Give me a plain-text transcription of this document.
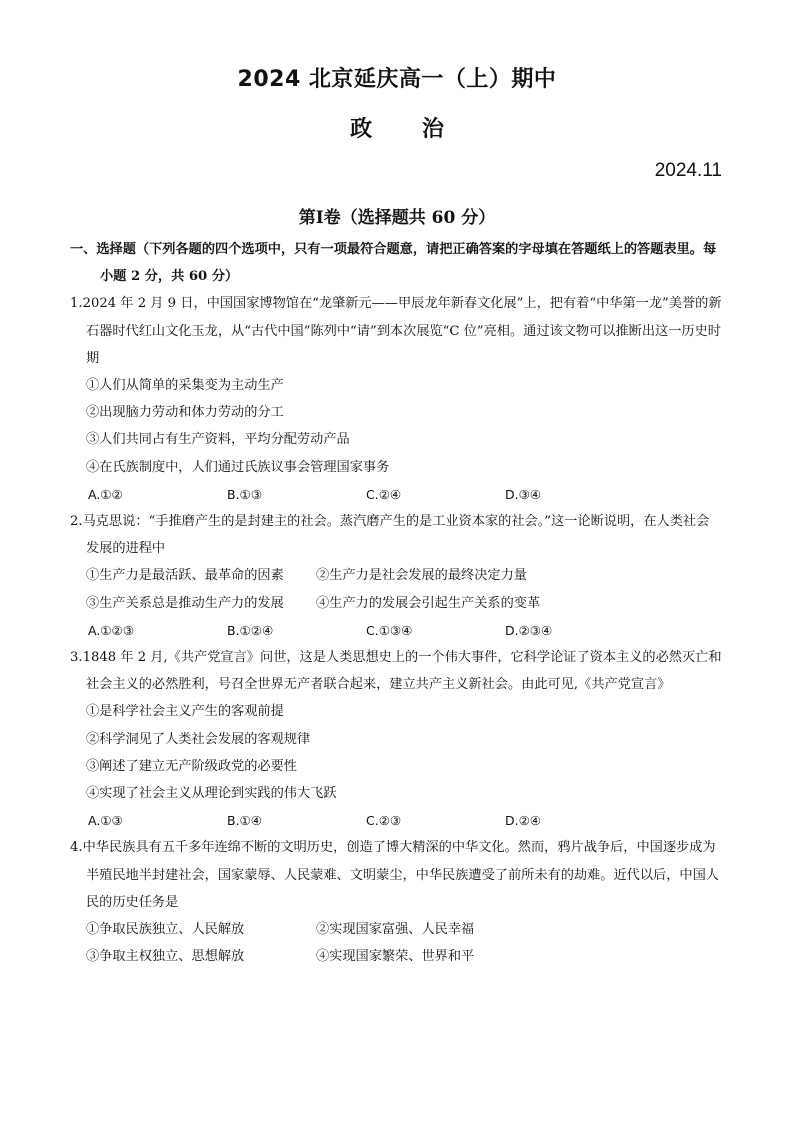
2024 北京延庆高一（上）期中
政 治
2024.11
第Ⅰ卷（选择题共 60 分）
一、选择题（下列各题的四个选项中，只有一项最符合题意，请把正确答案的字母填在答题纸上的答题表里。每小题 2 分，共 60 分）
1.2024 年 2 月 9 日，中国国家博物馆在“龙肇新元——甲辰龙年新春文化展”上，把有着“中华第一龙”美誉的新石器时代红山文化玉龙，从“古代中国”陈列中“请”到本次展览“C 位”亮相。通过该文物可以推断出这一历史时期
①人们从简单的采集变为主动生产
②出现脑力劳动和体力劳动的分工
③人们共同占有生产资料，平均分配劳动产品
④在氏族制度中，人们通过氏族议事会管理国家事务
A.①②	B.①③	C.②④	D.③④
2.马克思说：“手推磨产生的是封建主的社会。蒸汽磨产生的是工业资本家的社会。”这一论断说明，在人类社会发展的进程中
①生产力是最活跃、最革命的因素	②生产力是社会发展的最终决定力量
③生产关系总是推动生产力的发展	④生产力的发展会引起生产关系的变革
A.①②③	B.①②④	C.①③④	D.②③④
3.1848 年 2 月,《共产党宣言》问世，这是人类思想史上的一个伟大事件，它科学论证了资本主义的必然灭亡和社会主义的必然胜利，号召全世界无产者联合起来，建立共产主义新社会。由此可见,《共产党宣言》
①是科学社会主义产生的客观前提
②科学洞见了人类社会发展的客观规律
③阐述了建立无产阶级政党的必要性
④实现了社会主义从理论到实践的伟大飞跃
A.①③	B.①④	C.②③	D.②④
4.中华民族具有五千多年连绵不断的文明历史，创造了博大精深的中华文化。然而，鸦片战争后，中国逐步成为半殖民地半封建社会，国家蒙辱、人民蒙难、文明蒙尘，中华民族遭受了前所未有的劫难。近代以后，中国人民的历史任务是
①争取民族独立、人民解放	②实现国家富强、人民幸福
③争取主权独立、思想解放	④实现国家繁荣、世界和平
